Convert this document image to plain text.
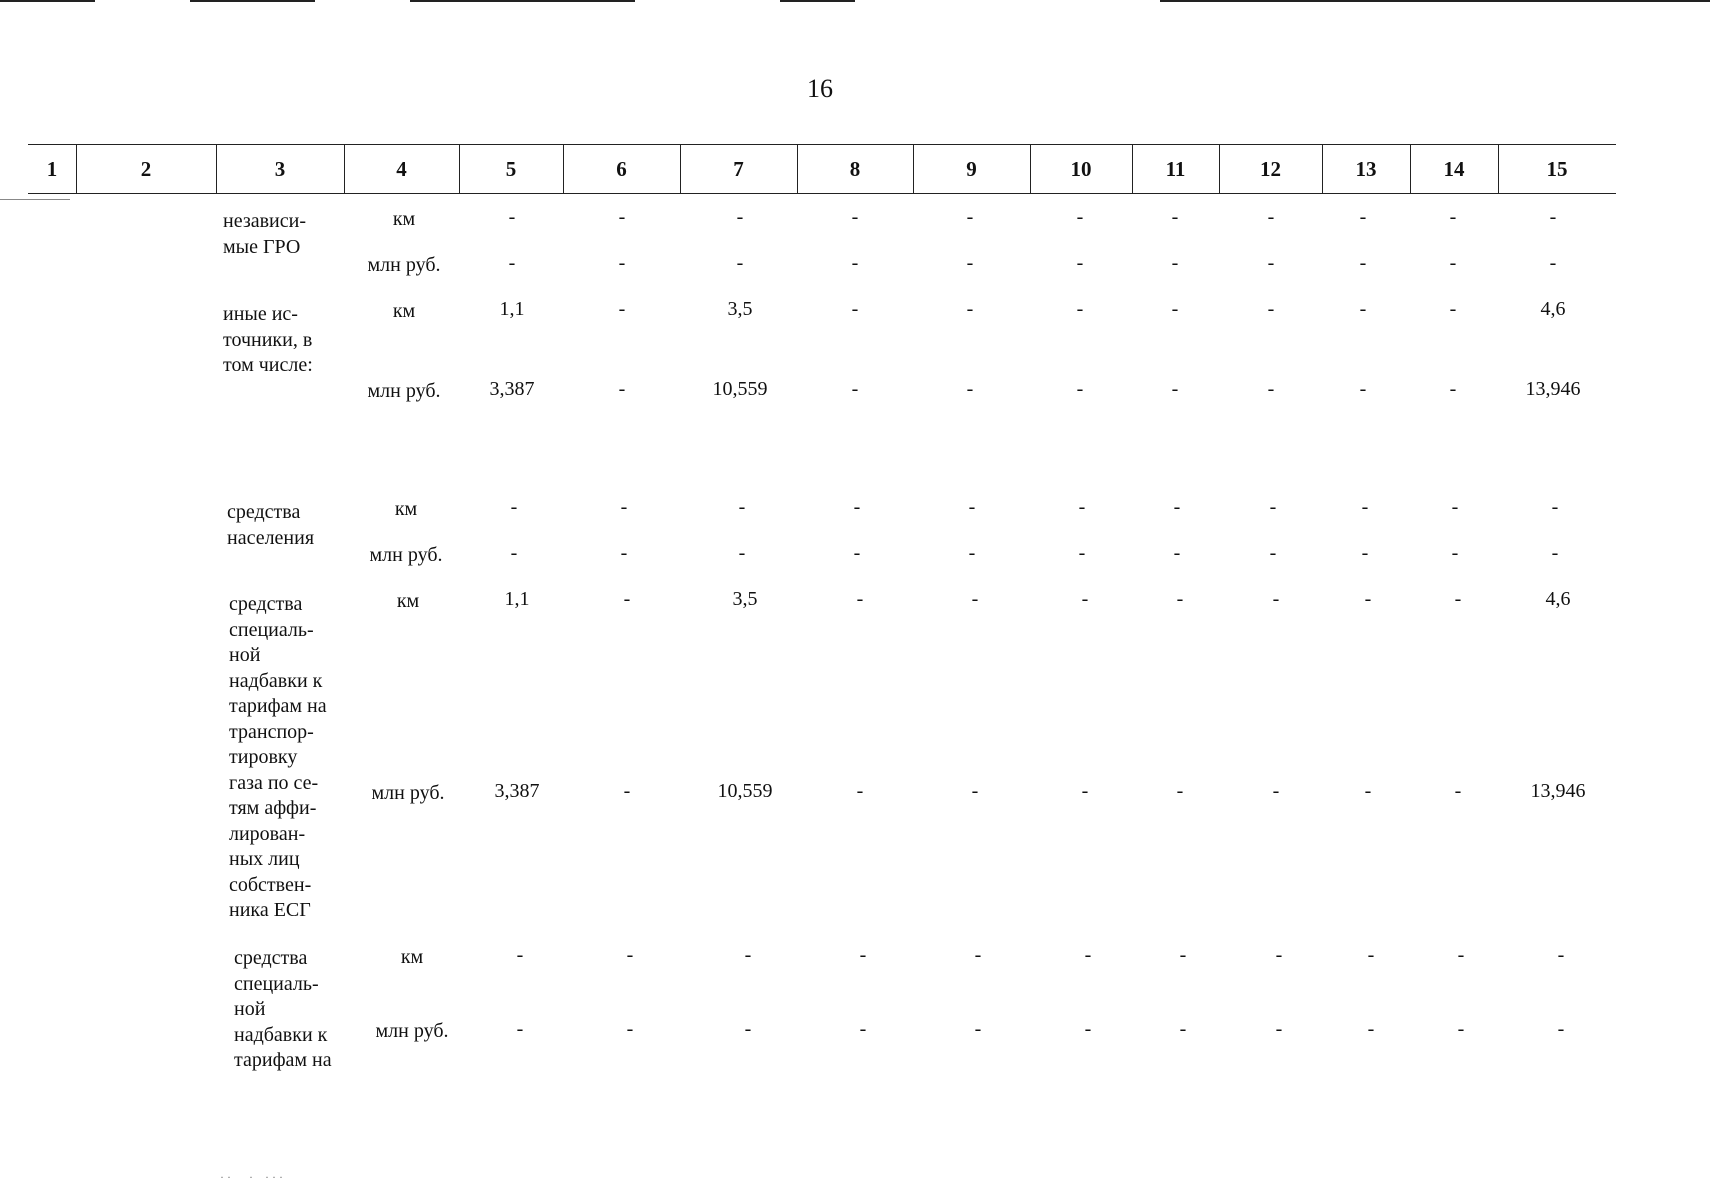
16
1	2	3	4	5	6	7	8	9	10	11	12	13	14	15
независи-
мые ГРО
км	-	-	-	-	-	-	-	-	-	-	-
млн руб.	-	-	-	-	-	-	-	-	-	-	-
иные ис-
точники, в
том числе:
км	1,1	-	3,5	-	-	-	-	-	-	-	4,6
млн руб.	3,387	-	10,559	-	-	-	-	-	-	-	13,946
средства
населения
км	-	-	-	-	-	-	-	-	-	-	-
млн руб.	-	-	-	-	-	-	-	-	-	-	-
средства
специаль-
ной
надбавки к
тарифам на
транспор-
тировку
газа по се-
тям аффи-
лирован-
ных лиц
собствен-
ника ЕСГ
км	1,1	-	3,5	-	-	-	-	-	-	-	4,6
млн руб.	3,387	-	10,559	-	-	-	-	-	-	-	13,946
средства
специаль-
ной
надбавки к
тарифам на
км	-	-	-	-	-	-	-	-	-	-	-
млн руб.	-	-	-	-	-	-	-	-	-	-	-
· ·      ·    · · ·
